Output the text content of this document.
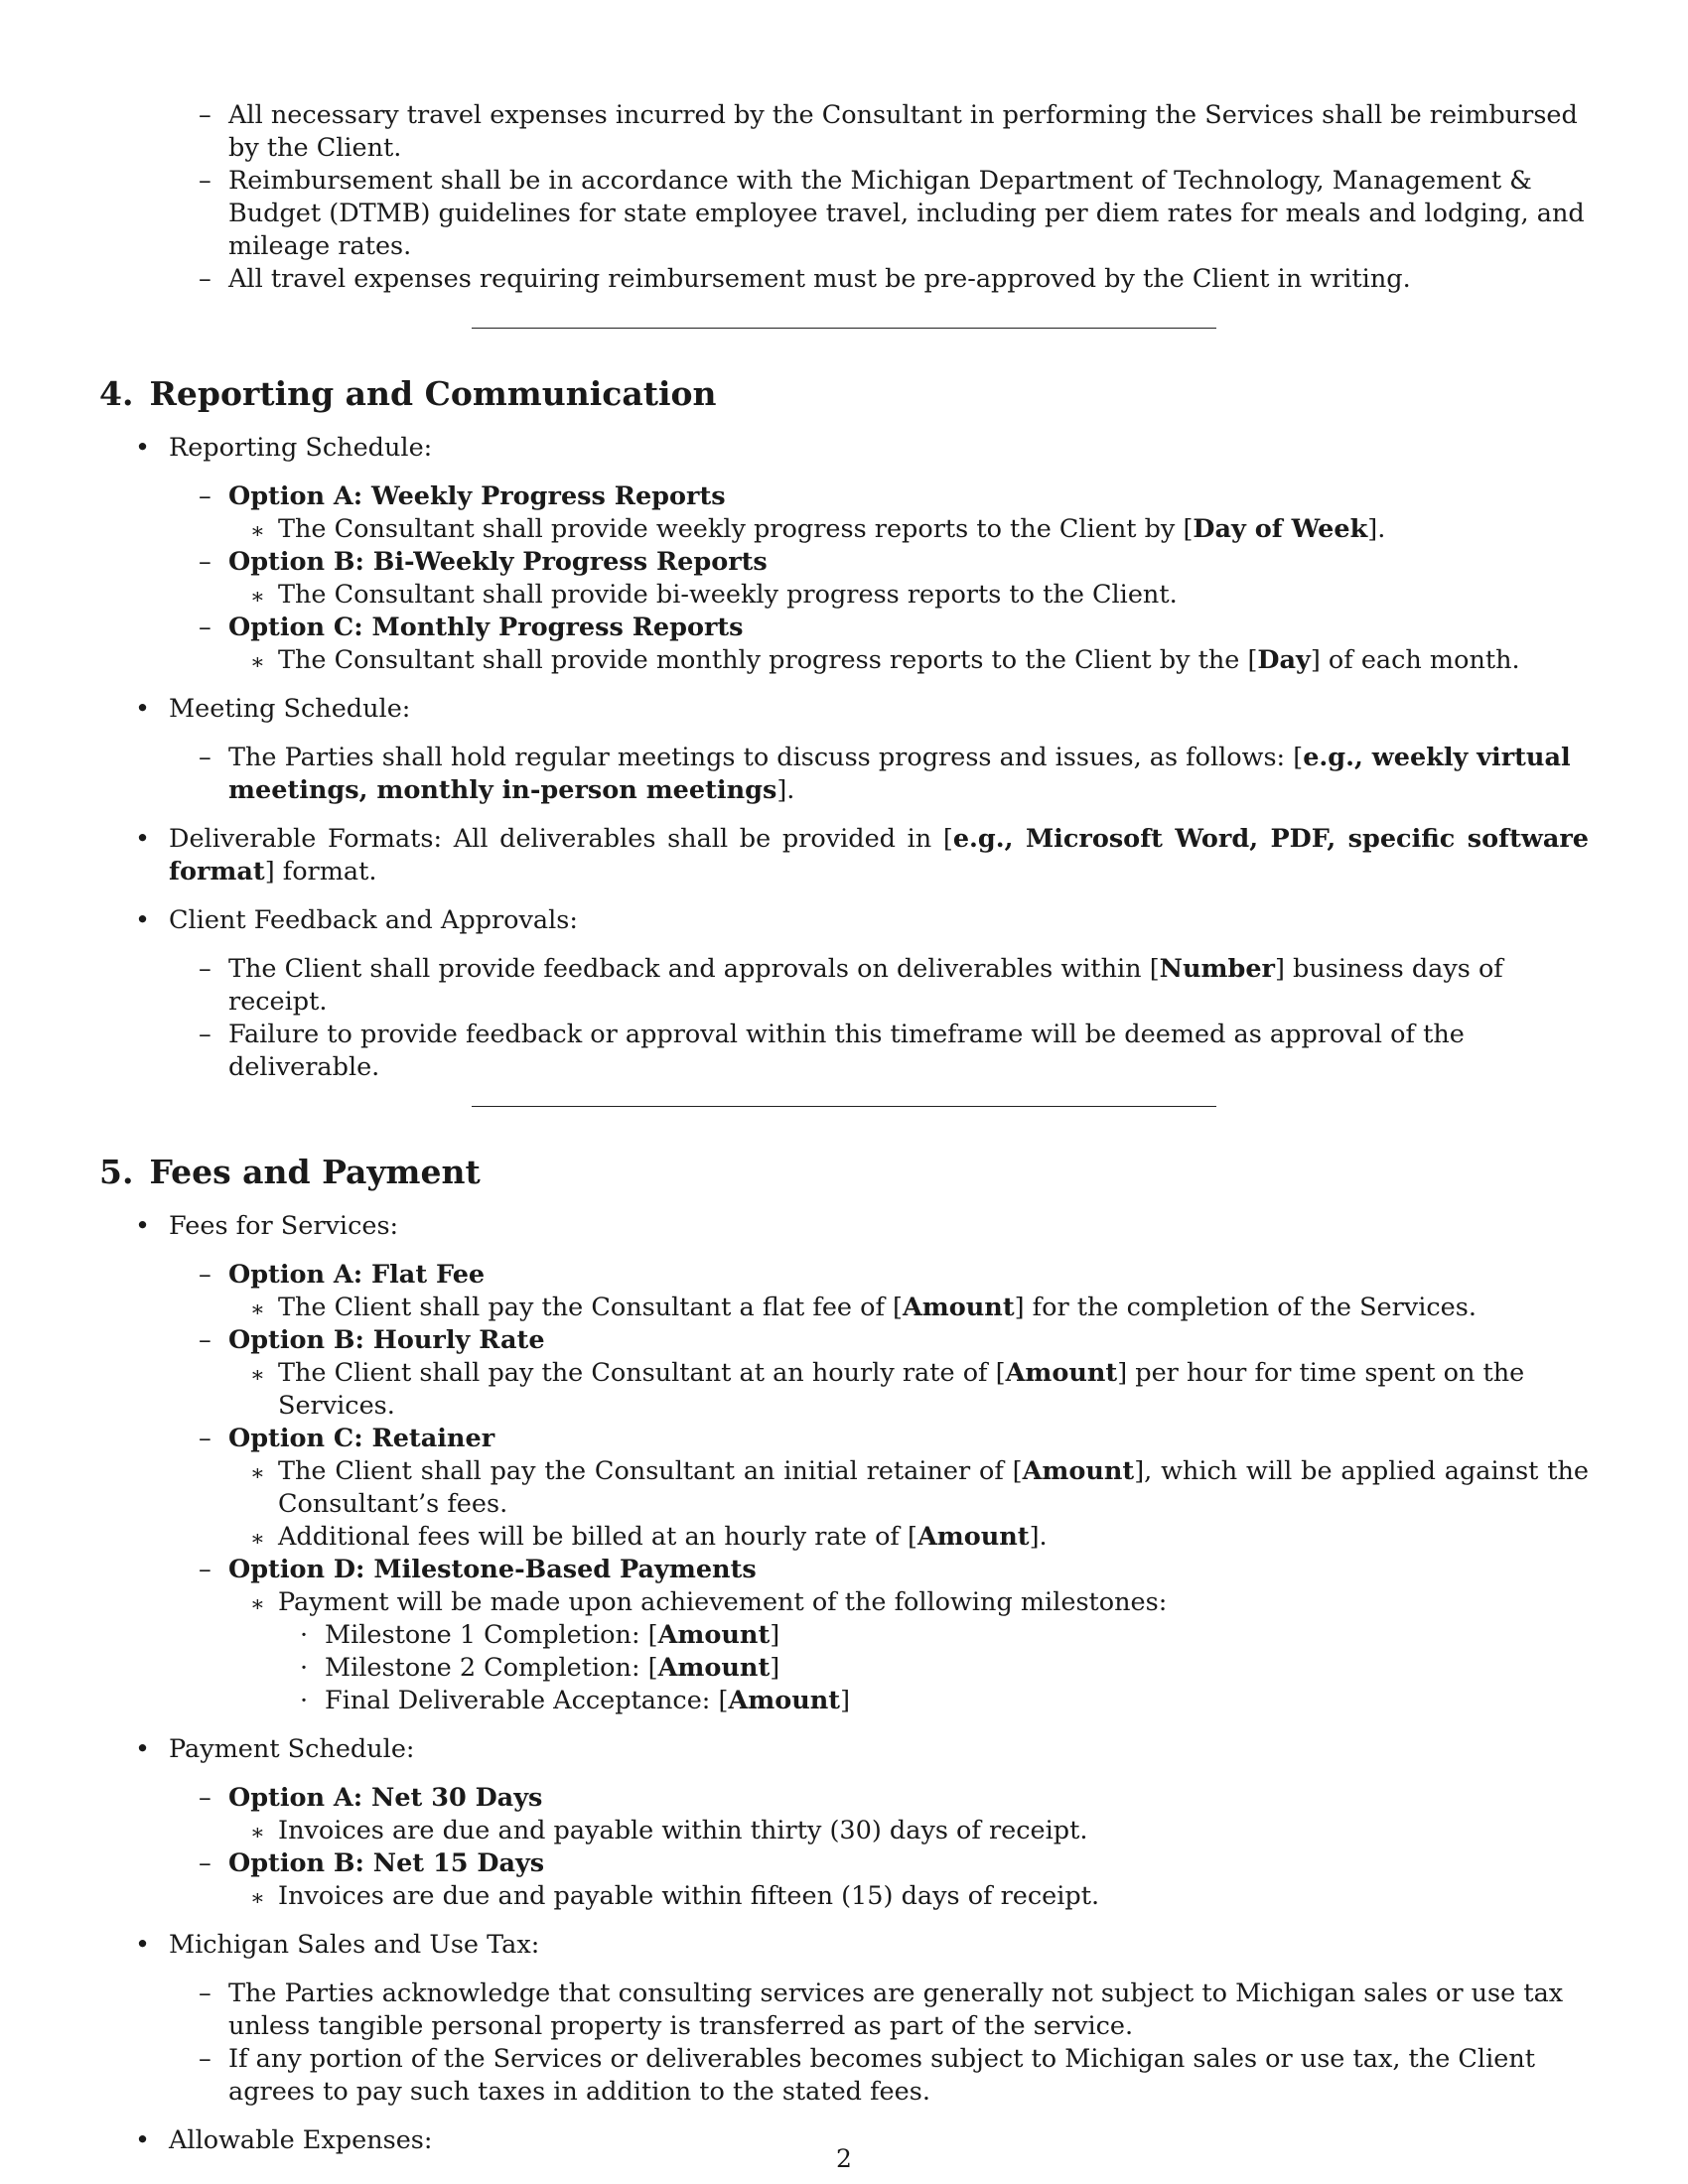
– All necessary travel expenses incurred by the Consultant in performing the Services shall be reimbursed by the Client.
– Reimbursement shall be in accordance with the Michigan Department of Technology, Management & Budget (DTMB) guidelines for state employee travel, including per diem rates for meals and lodging, and mileage rates.
– All travel expenses requiring reimbursement must be pre-approved by the Client in writing.
4. Reporting and Communication
• Reporting Schedule:
– Option A: Weekly Progress Reports
∗ The Consultant shall provide weekly progress reports to the Client by [Day of Week].
– Option B: Bi-Weekly Progress Reports
∗ The Consultant shall provide bi-weekly progress reports to the Client.
– Option C: Monthly Progress Reports
∗ The Consultant shall provide monthly progress reports to the Client by the [Day] of each month.
• Meeting Schedule:
– The Parties shall hold regular meetings to discuss progress and issues, as follows: [e.g., weekly virtual meetings, monthly in-person meetings].
• Deliverable Formats: All deliverables shall be provided in [e.g., Microsoft Word, PDF, specific software format] format.
• Client Feedback and Approvals:
– The Client shall provide feedback and approvals on deliverables within [Number] business days of receipt.
– Failure to provide feedback or approval within this timeframe will be deemed as approval of the deliverable.
5. Fees and Payment
• Fees for Services:
– Option A: Flat Fee
∗ The Client shall pay the Consultant a flat fee of [Amount] for the completion of the Services.
– Option B: Hourly Rate
∗ The Client shall pay the Consultant at an hourly rate of [Amount] per hour for time spent on the Services.
– Option C: Retainer
∗ The Client shall pay the Consultant an initial retainer of [Amount], which will be applied against the Consultant’s fees.
∗ Additional fees will be billed at an hourly rate of [Amount].
– Option D: Milestone-Based Payments
∗ Payment will be made upon achievement of the following milestones:
· Milestone 1 Completion: [Amount]
· Milestone 2 Completion: [Amount]
· Final Deliverable Acceptance: [Amount]
• Payment Schedule:
– Option A: Net 30 Days
∗ Invoices are due and payable within thirty (30) days of receipt.
– Option B: Net 15 Days
∗ Invoices are due and payable within fifteen (15) days of receipt.
• Michigan Sales and Use Tax:
– The Parties acknowledge that consulting services are generally not subject to Michigan sales or use tax unless tangible personal property is transferred as part of the service.
– If any portion of the Services or deliverables becomes subject to Michigan sales or use tax, the Client agrees to pay such taxes in addition to the stated fees.
• Allowable Expenses:
2
